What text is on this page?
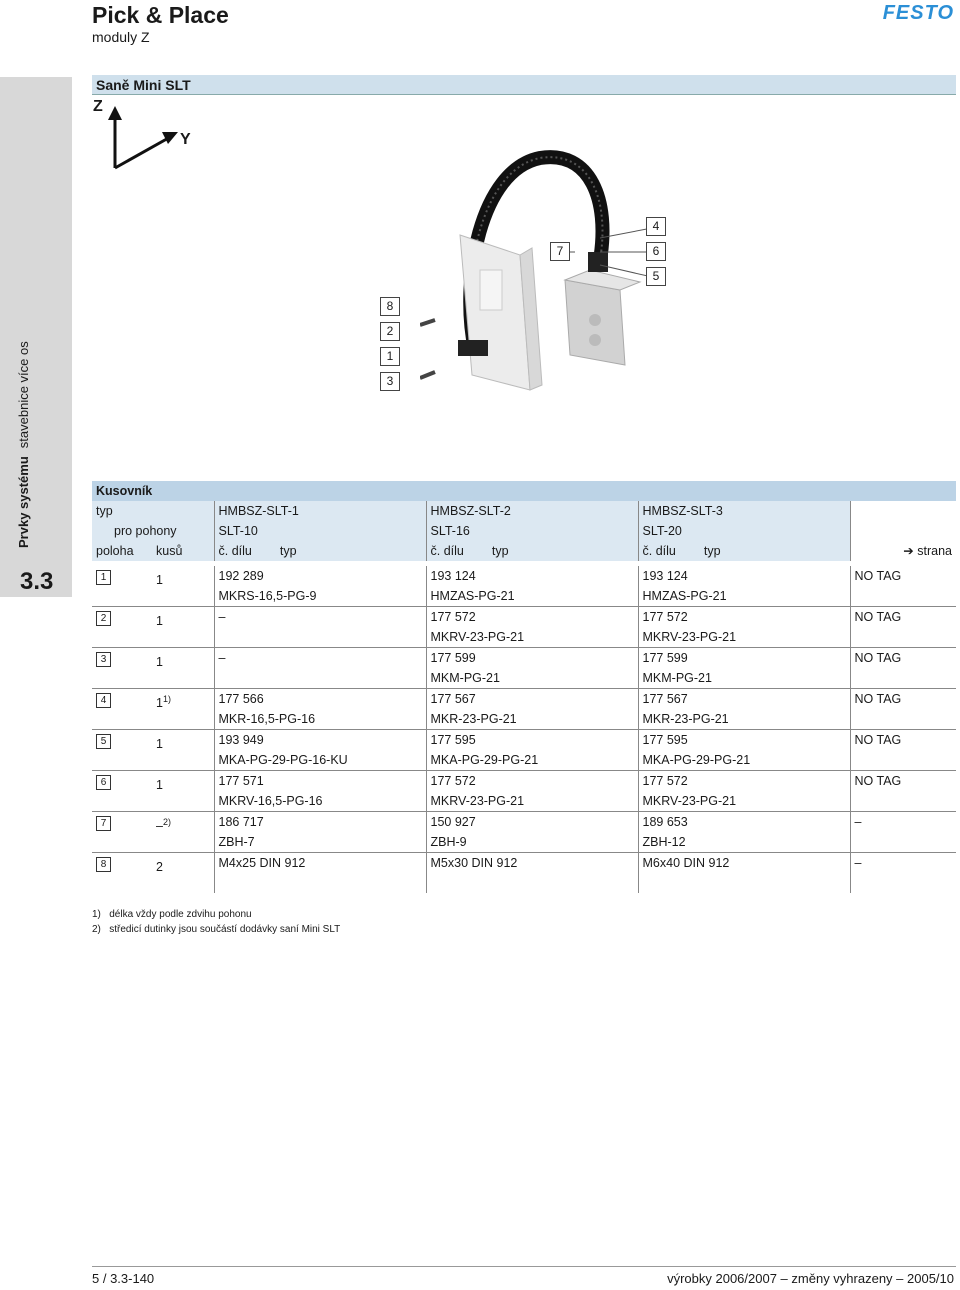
Pick & Place
moduly Z
FESTO
Prvky systémustavebnice více os
3.3
Saně Mini SLT
Z
Y
4
6
5
7
8
2
1
3
Kusovník					
typ		HMBSZ-SLT-1	HMBSZ-SLT-2	HMBSZ-SLT-3	
pro pohony		SLT-10	SLT-16	SLT-20	
poloha	kusů	č. dílu typ	č. dílu typ	č. dílu typ	➔ strana
1	1	192 289	193 124	193 124	NO TAG
		MKRS-16,5-PG-9	HMZAS-PG-21	HMZAS-PG-21	
2	1	–	177 572	177 572	NO TAG
			MKRV-23-PG-21	MKRV-23-PG-21	
3	1	–	177 599	177 599	NO TAG
			MKM-PG-21	MKM-PG-21	
4	1$^{1)}$	177 566	177 567	177 567	NO TAG
		MKR-16,5-PG-16	MKR-23-PG-21	MKR-23-PG-21	
5	1	193 949	177 595	177 595	NO TAG
		MKA-PG-29-PG-16-KU	MKA-PG-29-PG-21	MKA-PG-29-PG-21	
6	1	177 571	177 572	177 572	NO TAG
		MKRV-16,5-PG-16	MKRV-23-PG-21	MKRV-23-PG-21	
7	–$^{2)}$	186 717	150 927	189 653	–
		ZBH-7	ZBH-9	ZBH-12	
8	2	M4x25 DIN 912	M5x30 DIN 912	M6x40 DIN 912	–

1) délka vždy podle zdvihu pohonu
2) středicí dutinky jsou součástí dodávky saní Mini SLT
5 / 3.3-140	výrobky 2006/2007 – změny vyhrazeny – 2005/10
